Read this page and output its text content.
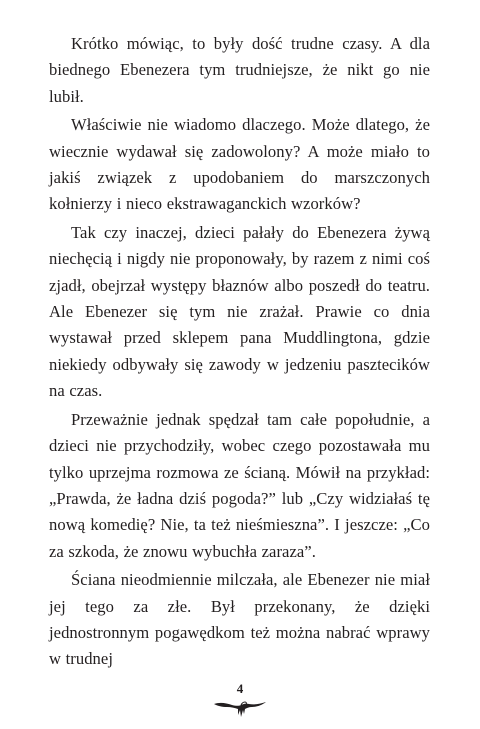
Krótko mówiąc, to były dość trudne czasy. A dla biednego Ebenezera tym trudniejsze, że nikt go nie lubił.

Właściwie nie wiadomo dlaczego. Może dlatego, że wiecznie wydawał się zadowolony? A może miało to jakiś związek z upodobaniem do marszczonych kołnierzy i nieco ekstrawaganckich wzorków?

Tak czy inaczej, dzieci pałały do Ebenezera żywą niechęcią i nigdy nie proponowały, by razem z nimi coś zjadł, obejrzał występy błaznów albo poszedł do teatru. Ale Ebenezer się tym nie zrażał. Prawie co dnia wystawał przed sklepem pana Muddlingtona, gdzie niekiedy odbywały się zawody w jedzeniu pasztecików na czas.

Przeważnie jednak spędzał tam całe popołudnie, a dzieci nie przychodziły, wobec czego pozostawała mu tylko uprzejma rozmowa ze ścianą. Mówił na przykład: „Prawda, że ładna dziś pogoda?” lub „Czy widziałaś tę nową komedię? Nie, ta też nieśmieszna”. I jeszcze: „Co za szkoda, że znowu wybuchła zaraza”.

Ściana nieodmiennie milczała, ale Ebenezer nie miał jej tego za złe. Był przekonany, że dzięki jednostronnym pogawędkom też można nabrać wprawy w trudnej

4
